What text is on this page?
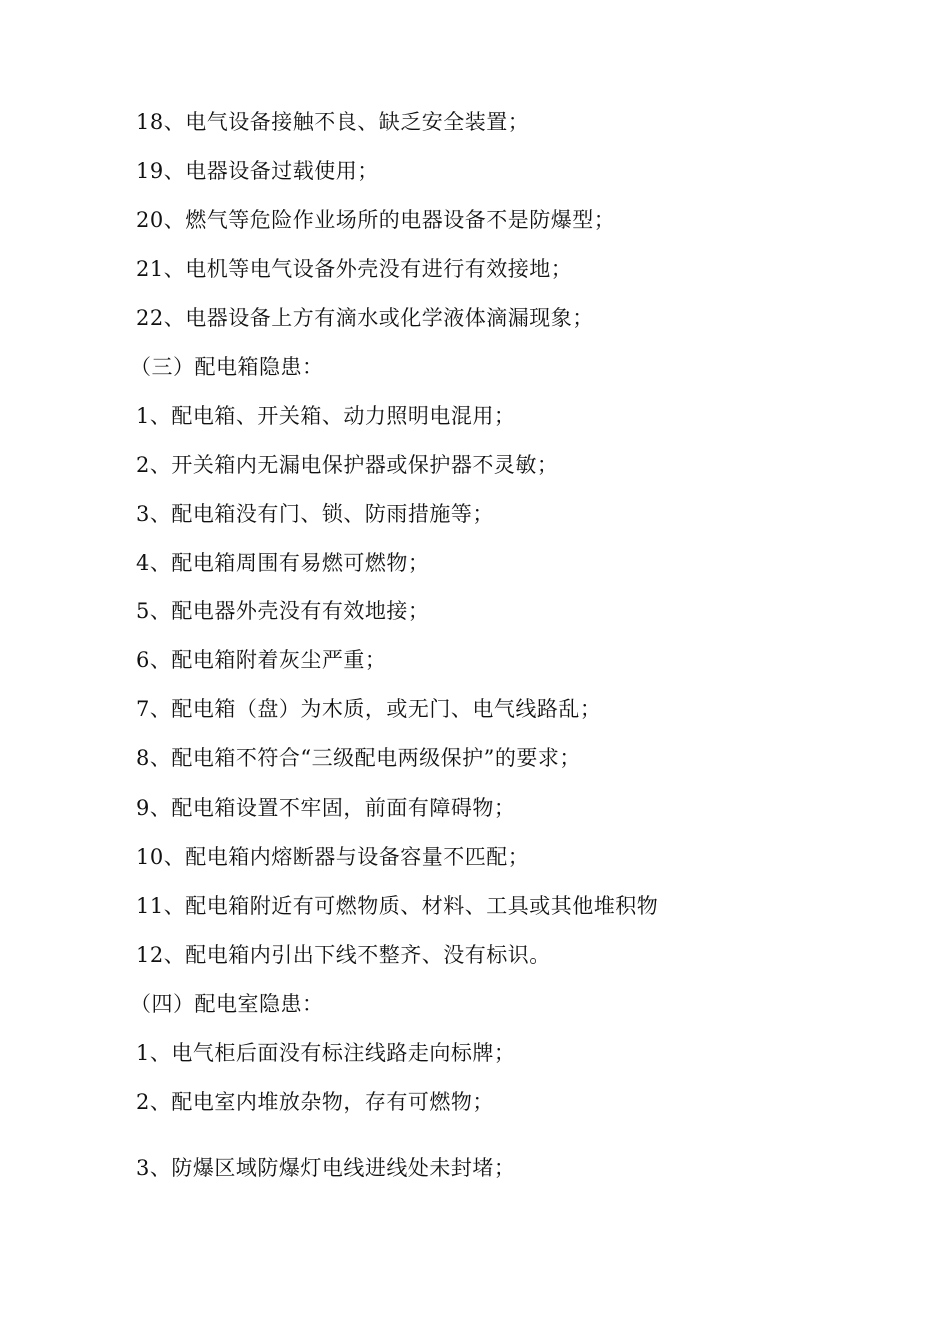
18、电气设备接触不良、缺乏安全装置；
19、电器设备过载使用；
20、燃气等危险作业场所的电器设备不是防爆型；
21、电机等电气设备外壳没有进行有效接地；
22、电器设备上方有滴水或化学液体滴漏现象；
（三）配电箱隐患：
1、配电箱、开关箱、动力照明电混用；
2、开关箱内无漏电保护器或保护器不灵敏；
3、配电箱没有门、锁、防雨措施等；
4、配电箱周围有易燃可燃物；
5、配电器外壳没有有效地接；
6、配电箱附着灰尘严重；
7、配电箱（盘）为木质，或无门、电气线路乱；
8、配电箱不符合“三级配电两级保护”的要求；
9、配电箱设置不牢固，前面有障碍物；
10、配电箱内熔断器与设备容量不匹配；
11、配电箱附近有可燃物质、材料、工具或其他堆积物
12、配电箱内引出下线不整齐、没有标识。
（四）配电室隐患：
1、电气柜后面没有标注线路走向标牌；
2、配电室内堆放杂物，存有可燃物；
3、防爆区域防爆灯电线进线处未封堵；
